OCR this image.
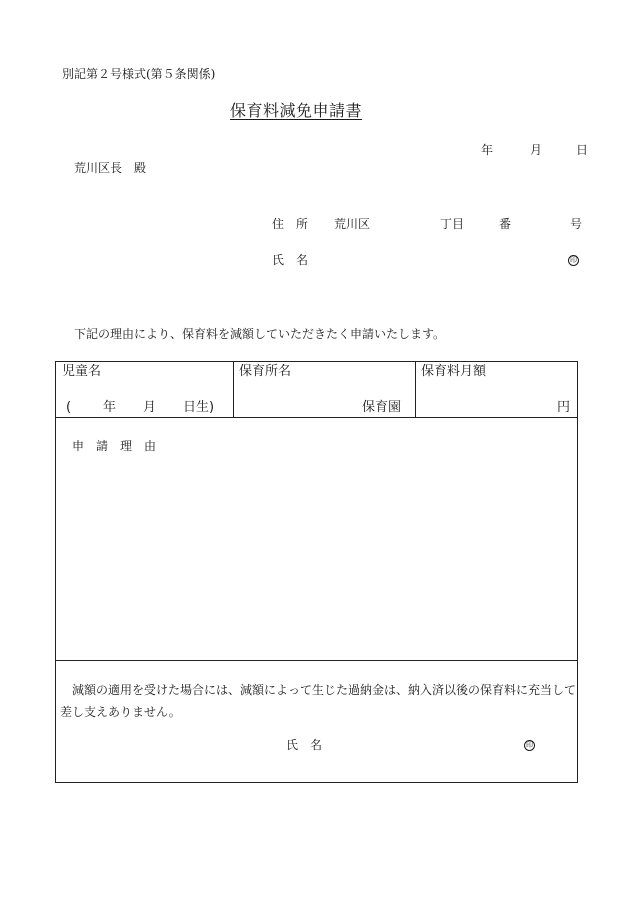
別記第２号様式(第５条関係)
保育料減免申請書
年	月	日
荒川区長　殿
住　所 荒川区	丁目	番	号
氏　名	印
下記の理由により、保育料を減額していただきたく申請いたします。
児童名	保育所名	保育料月額
( 年 月 日生)	保育園	円
申　請　理　由
減額の適用を受けた場合には、減額によって生じた過納金は、納入済以後の保育料に充当して
差し支えありません。
氏　名	印
